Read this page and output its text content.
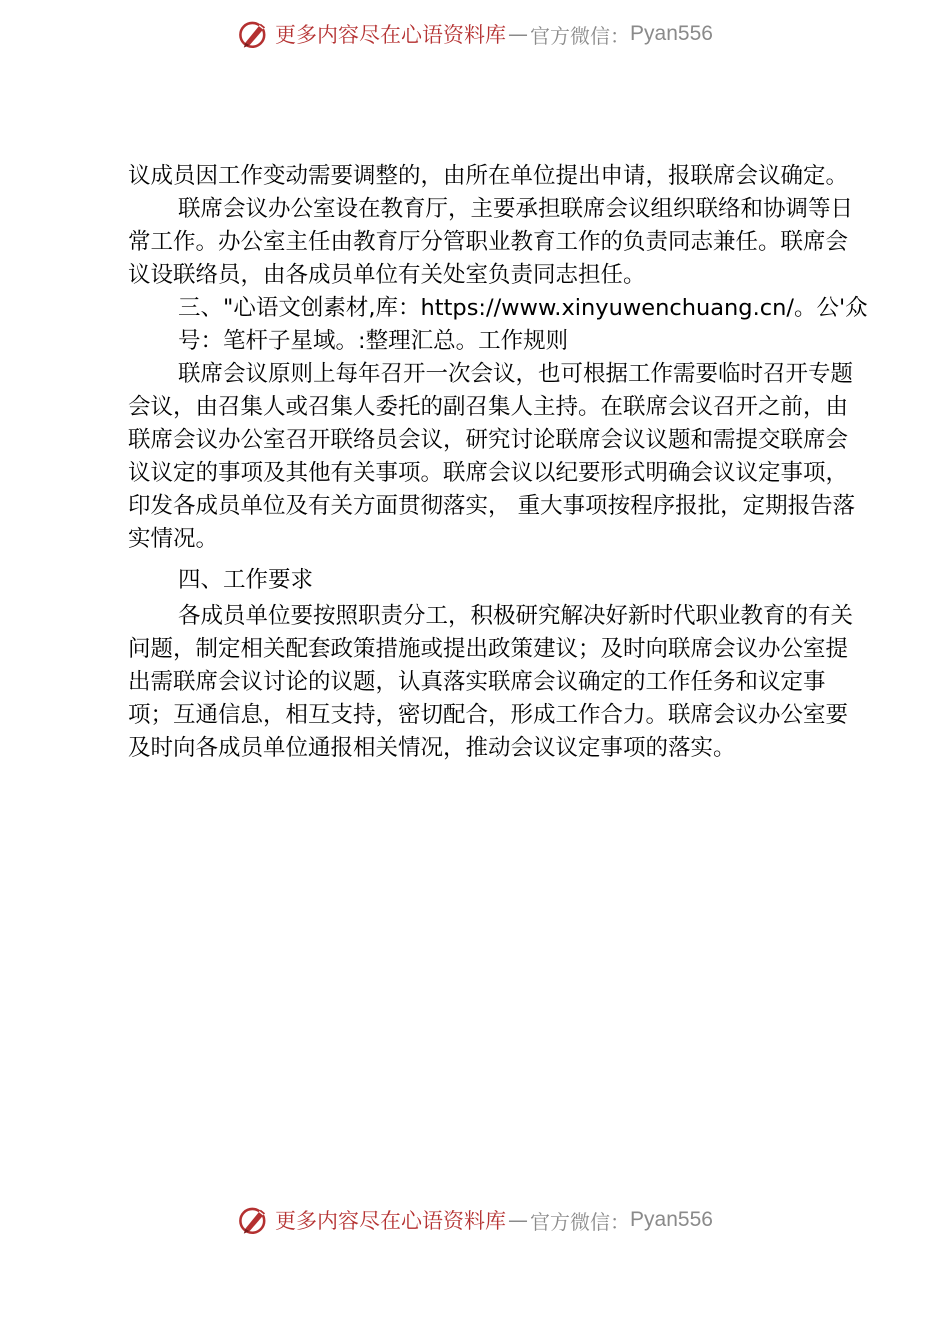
更多内容尽在心语资料库 — 官方微信： Pyan556

议成员因工作变动需要调整的，由所在单位提出申请，报联席会议确定。

联席会议办公室设在教育厅，主要承担联席会议组织联络和协调等日常工作。办公室主任由教育厅分管职业教育工作的负责同志兼任。联席会议设联络员，由各成员单位有关处室负责同志担任。

三、"心语文创素材,库：https://www.xinyuwenchuang.cn/。公'众号：笔杆子星域。:整理汇总。工作规则

联席会议原则上每年召开一次会议，也可根据工作需要临时召开专题会议，由召集人或召集人委托的副召集人主持。在联席会议召开之前，由联席会议办公室召开联络员会议，研究讨论联席会议议题和需提交联席会议议定的事项及其他有关事项。联席会议以纪要形式明确会议议定事项，印发各成员单位及有关方面贯彻落实， 重大事项按程序报批，定期报告落实情况。

四、工作要求

各成员单位要按照职责分工，积极研究解决好新时代职业教育的有关问题，制定相关配套政策措施或提出政策建议；及时向联席会议办公室提出需联席会议讨论的议题，认真落实联席会议确定的工作任务和议定事项；互通信息，相互支持，密切配合，形成工作合力。联席会议办公室要及时向各成员单位通报相关情况，推动会议议定事项的落实。

更多内容尽在心语资料库 — 官方微信： Pyan556
